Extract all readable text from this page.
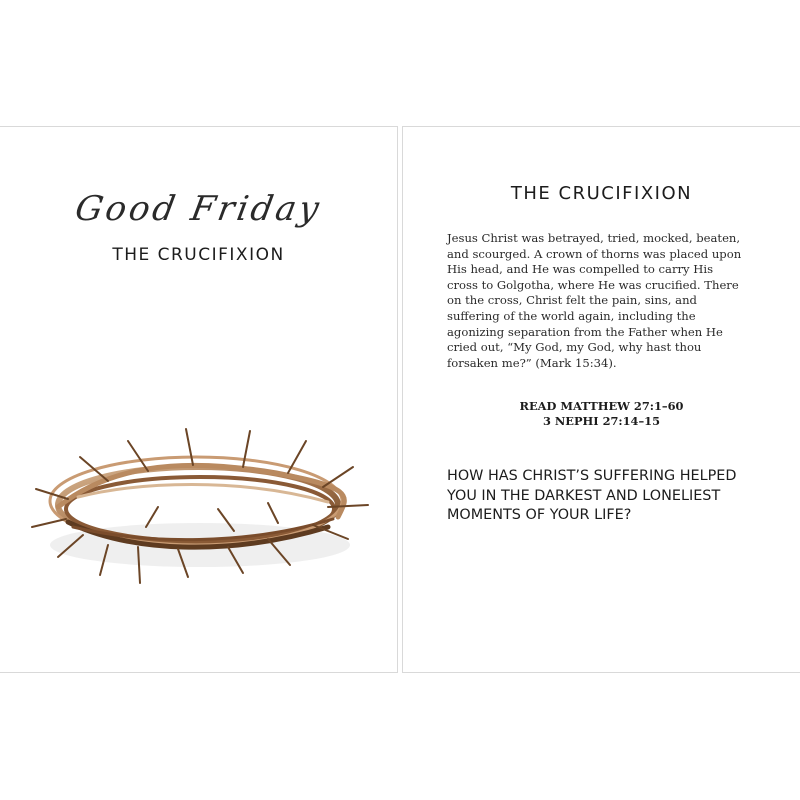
Good Friday
THE CRUCIFIXION
THE CRUCIFIXION
Jesus Christ was betrayed, tried, mocked, beaten,
and scourged. A crown of thorns was placed upon
His head, and He was compelled to carry His
cross to Golgotha, where He was crucified. There
on the cross, Christ felt the pain, sins, and
suffering of the world again, including the
agonizing separation from the Father when He
cried out, “My God, my God, why hast thou
forsaken me?” (Mark 15:34).
READ MATTHEW 27:1–60
3 NEPHI 27:14–15
HOW HAS CHRIST’S SUFFERING HELPED
YOU IN THE DARKEST AND LONELIEST
MOMENTS OF YOUR LIFE?
